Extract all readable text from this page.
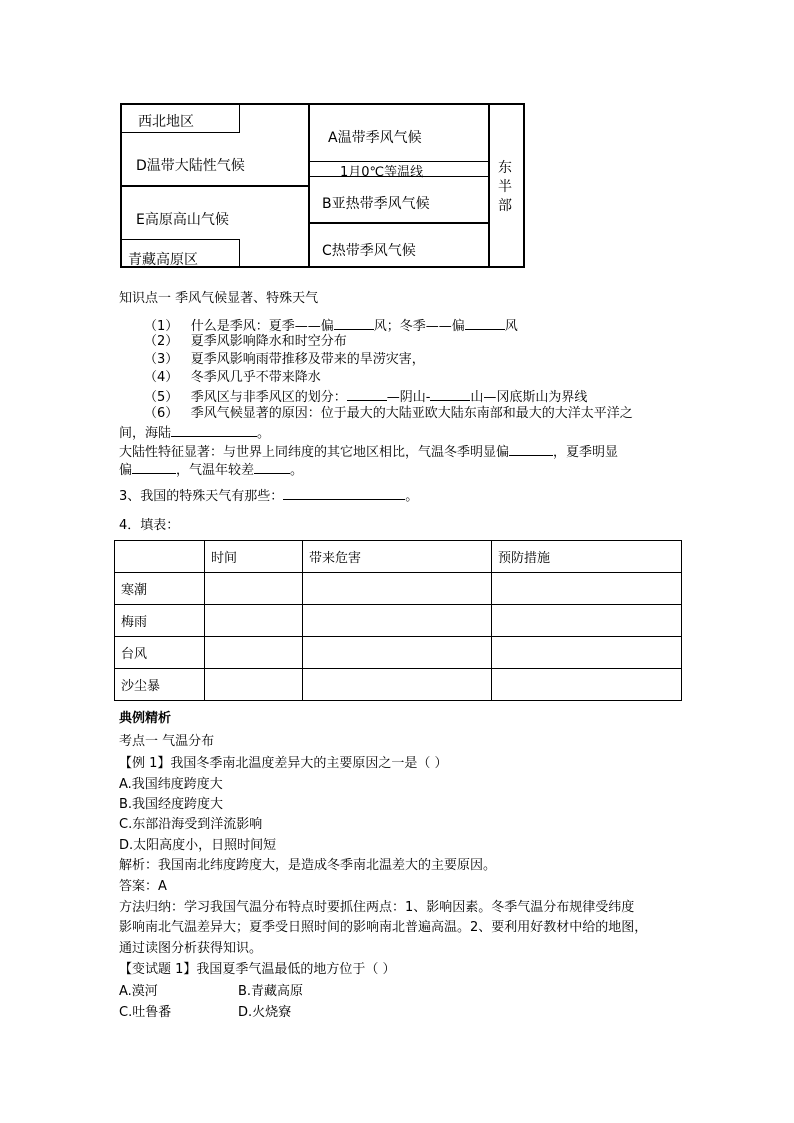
西北地区
D温带大陆性气候
E高原高山气候
青藏高原区
A温带季风气候
1月0℃等温线
B亚热带季风气候
C热带季风气候
东
半
部
知识点一 季风气候显著、特殊天气
（1） 什么是季风：夏季——偏	风；冬季——偏	风
（2） 夏季风影响降水和时空分布
（3） 夏季风影响雨带推移及带来的旱涝灾害，
（4） 冬季风几乎不带来降水
（5） 季风区与非季风区的划分：	—阴山-	山—冈底斯山为界线
（6） 季风气候显著的原因：位于最大的大陆亚欧大陆东南部和最大的大洋太平洋之
间，海陆	。
大陆性特征显著：与世界上同纬度的其它地区相比，气温冬季明显偏	，夏季明显
偏	，气温年较差	。
3、我国的特殊天气有那些：	。
4．填表：
	时间	带来危害	预防措施
寒潮			
梅雨			
台风			
沙尘暴			
典例精析
考点一 气温分布
【例 1】我国冬季南北温度差异大的主要原因之一是（ ）
A.我国纬度跨度大
B.我国经度跨度大
C.东部沿海受到洋流影响
D.太阳高度小，日照时间短
解析：我国南北纬度跨度大，是造成冬季南北温差大的主要原因。
答案：A
方法归纳：学习我国气温分布特点时要抓住两点：1、影响因素。冬季气温分布规律受纬度
影响南北气温差异大；夏季受日照时间的影响南北普遍高温。2、要利用好教材中给的地图，
通过读图分析获得知识。
【变试题 1】我国夏季气温最低的地方位于（ ）
A.漠河	B.青藏高原
C.吐鲁番	D.火烧寮
